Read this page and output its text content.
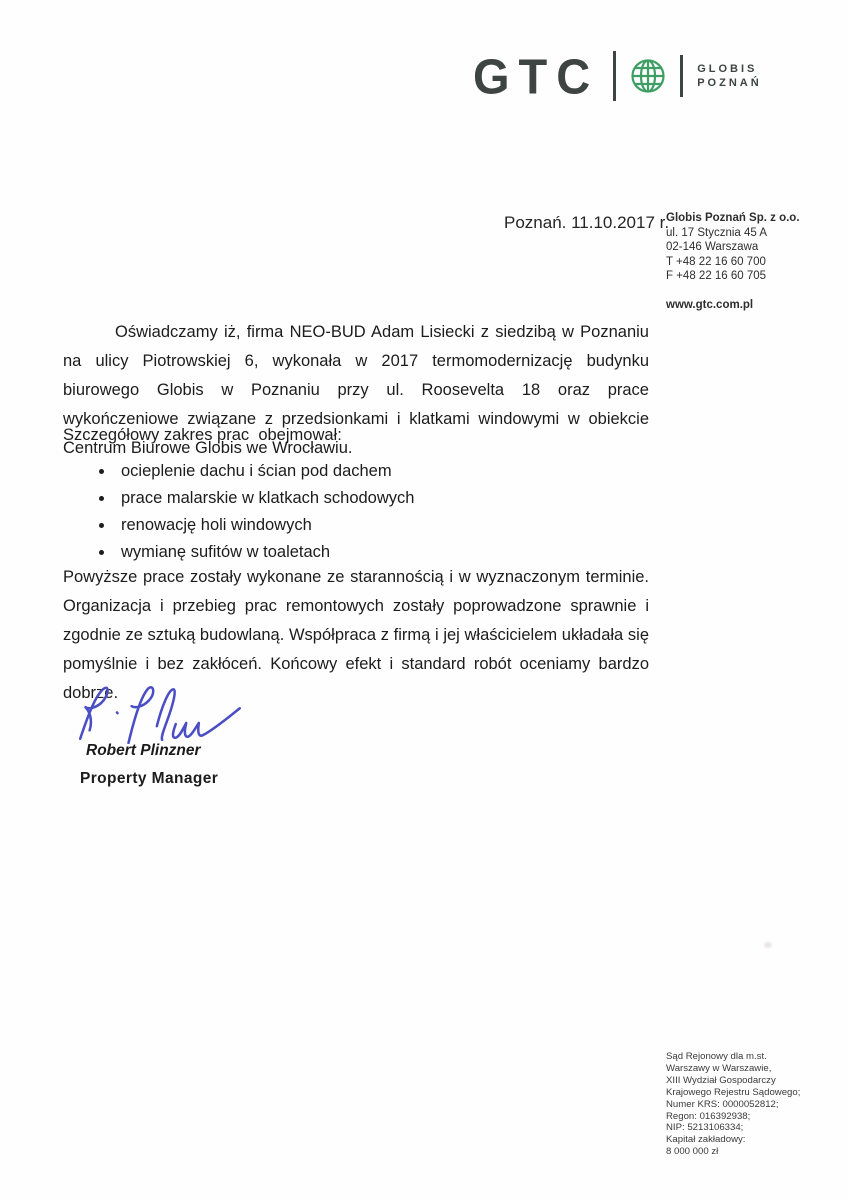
GTC	GLOBIS
POZNAŃ
Poznań. 11.10.2017 r.
Globis Poznań Sp. z o.o.
ul. 17 Stycznia 45 A
02-146 Warszawa
T +48 22 16 60 700
F +48 22 16 60 705
www.gtc.com.pl

Oświadczamy iż, firma NEO-BUD Adam Lisiecki z siedzibą w Poznaniu na ulicy Piotrowskiej 6, wykonała w 2017 termomodernizację budynku biurowego Globis w Poznaniu przy ul. Roosevelta 18 oraz prace wykończeniowe związane z przedsionkami i klatkami windowymi w obiekcie Centrum Biurowe Globis we Wrocławiu.

Szczegółowy zakres prac  obejmował:
• ocieplenie dachu i ścian pod dachem
• prace malarskie w klatkach schodowych
• renowację holi windowych
• wymianę sufitów w toaletach

Powyższe prace zostały wykonane ze starannością i w wyznaczonym terminie. Organizacja i przebieg prac remontowych zostały poprowadzone sprawnie i zgodnie ze sztuką budowlaną. Współpraca z firmą i jej właścicielem układała się pomyślnie i bez zakłóceń. Końcowy efekt i standard robót oceniamy bardzo dobrze.

Robert Plinzner
Property Manager
Sąd Rejonowy dla m.st.
Warszawy w Warszawie,
XIII Wydział Gospodarczy
Krajowego Rejestru Sądowego;
Numer KRS: 0000052812;
Regon: 016392938;
NIP: 5213106334;
Kapitał zakładowy:
8 000 000 zł
